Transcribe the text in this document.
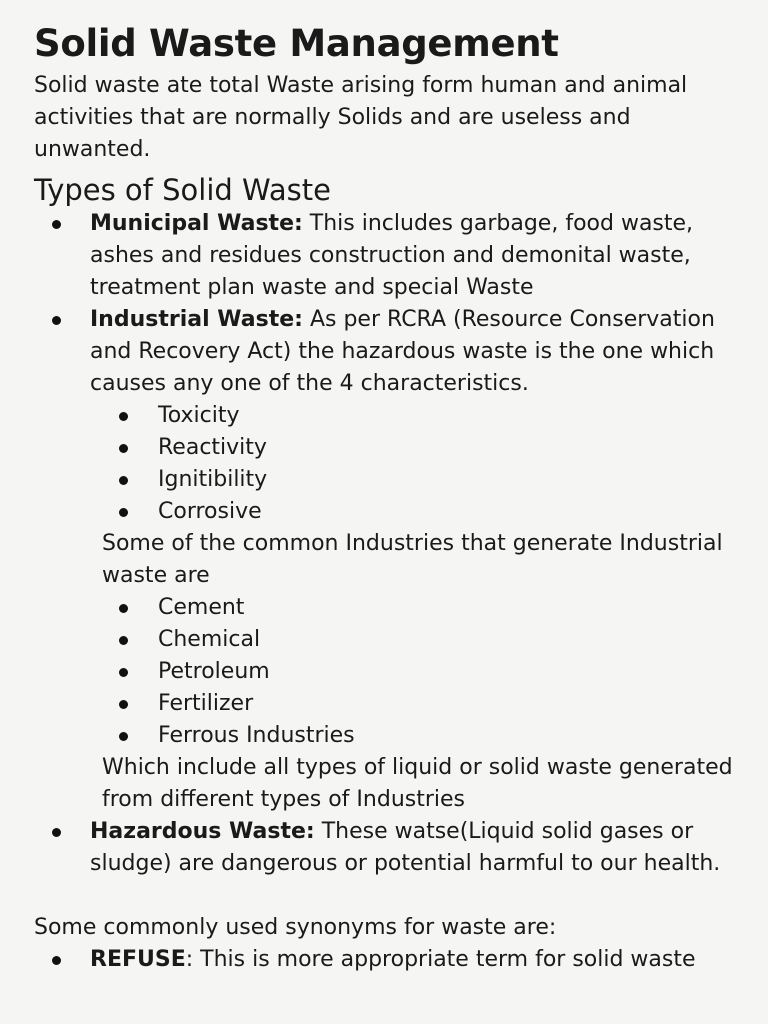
Solid Waste Management

Solid waste ate total Waste arising form human and animal activities that are normally Solids and are useless and unwanted.

Types of Solid Waste
Municipal Waste: This includes garbage, food waste, ashes and residues construction and demonital waste, treatment plan waste and special Waste
Industrial Waste: As per RCRA (Resource Conservation and Recovery Act) the hazardous waste is the one which causes any one of the 4 characteristics.
Toxicity
Reactivity
Ignitibility
Corrosive

Some of the common Industries that generate Industrial waste are

Cement
Chemical
Petroleum
Fertilizer
Ferrous Industries

Which include all types of liquid or solid waste generated from different types of Industries

Hazardous Waste: These watse(Liquid solid gases or sludge) are dangerous or potential harmful to our health.

Some commonly used synonyms for waste are:

REFUSE: This is more appropriate term for solid waste
